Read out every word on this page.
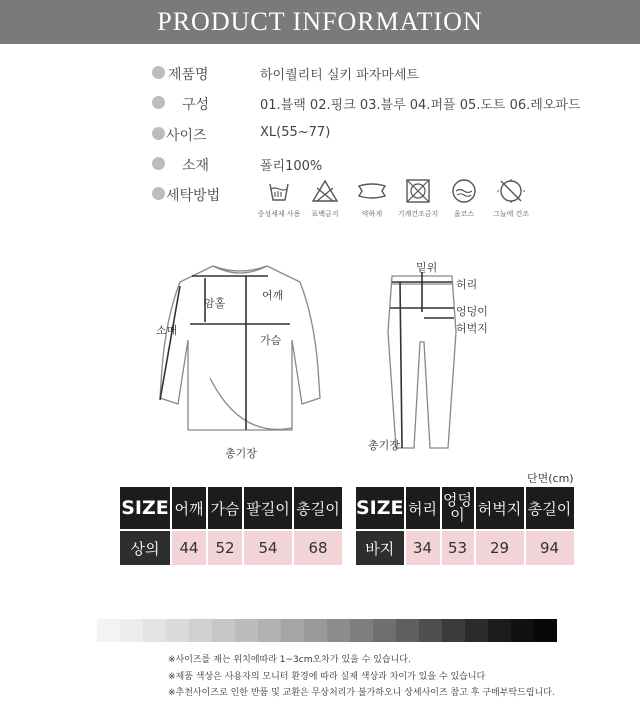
PRODUCT INFORMATION
제품명	하이퀄리티 실키 파자마세트
구성	01.블랙 02.핑크 03.블루 04.퍼플 05.도트 06.레오파드
사이즈	XL(55~77)
소재	폴리100%
세탁방법
중성세제 사용	표백금지	약하게	기계건조금지	울코스	그늘에 건조
암홀
어깨
소매
가슴
총기장
밑위
허리
엉덩이
허벅지
총기장
단면(cm)
SIZE	어깨	가슴	팔길이	총길이
상의	44	52	54	68
SIZE	허리	엉덩이	허벅지	총길이
바지	34	53	29	94
※사이즈를 재는 위치에따라 1~3cm오차가 있을 수 있습니다.
※제품 색상은 사용자의 모니터 환경에 따라 실제 색상과 차이가 있을 수 있습니다
※추천사이즈로 인한 반품 및 교환은 무상처리가 불가하오니 상세사이즈 참고 후 구매부탁드립니다.
